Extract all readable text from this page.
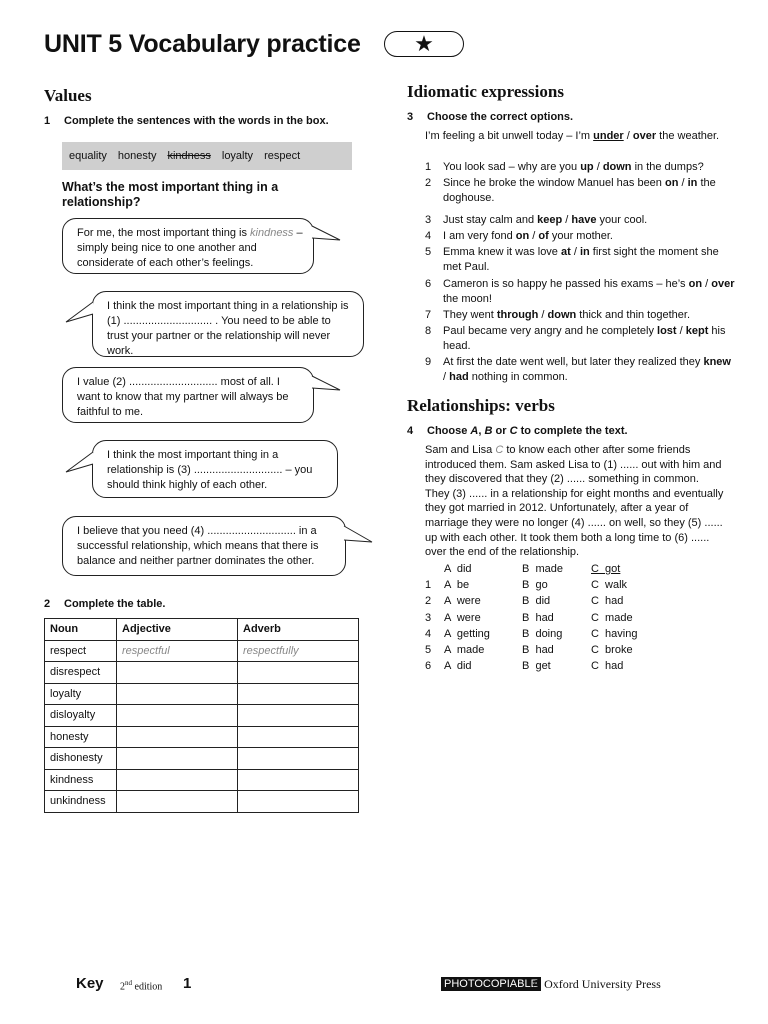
UNIT 5 Vocabulary practice	★
Values
1 Complete the sentences with the words in the box.
equality honesty kindness loyalty respect
What’s the most important thing in a relationship?
For me, the most important thing is kindness – simply being nice to one another and considerate of each other’s feelings.
I think the most important thing in a relationship is (1) ............................. . You need to be able to trust your partner or the relationship will never work.
I value (2) ............................. most of all. I want to know that my partner will always be faithful to me.
I think the most important thing in a relationship is (3) ............................. – you should think highly of each other.
I believe that you need (4) ............................. in a successful relationship, which means that there is balance and neither partner dominates the other.
2 Complete the table.
Noun	Adjective	Adverb
respect	respectful	respectfully
disrespect		
loyalty		
disloyalty		
honesty		
dishonesty		
kindness		
unkindness		
Idiomatic expressions
3 Choose the correct options.
I’m feeling a bit unwell today – I’m under / over the weather.
1 You look sad – why are you up / down in the dumps?
2 Since he broke the window Manuel has been on / in the doghouse.
3 Just stay calm and keep / have your cool.
4 I am very fond on / of your mother.
5 Emma knew it was love at / in first sight the moment she met Paul.
6 Cameron is so happy he passed his exams – he’s on / over the moon!
7 They went through / down thick and thin together.
8 Paul became very angry and he completely lost / kept his head.
9 At first the date went well, but later they realized they knew / had nothing in common.
Relationships: verbs
4 Choose A, B or C to complete the text.
Sam and Lisa C to know each other after some friends introduced them. Sam asked Lisa to (1) ...... out with him and they discovered that they (2) ...... something in common. They (3) ...... in a relationship for eight months and eventually they got married in 2012. Unfortunately, after a year of marriage they were no longer (4) ...... on well, so they (5) ...... up with each other. It took them both a long time to (6) ...... over the end of the relationship.
A  did	B  made	C  got
1 A  be	B  go	C  walk
2 A  were	B  did	C  had
3 A  were	B  had	C  made
4 A  getting	B  doing	C  having
5 A  made	B  had	C  broke
6 A  did	B  get	C  had
Key 2nd edition 1	PHOTOCOPIABLE
© Oxford University Press
